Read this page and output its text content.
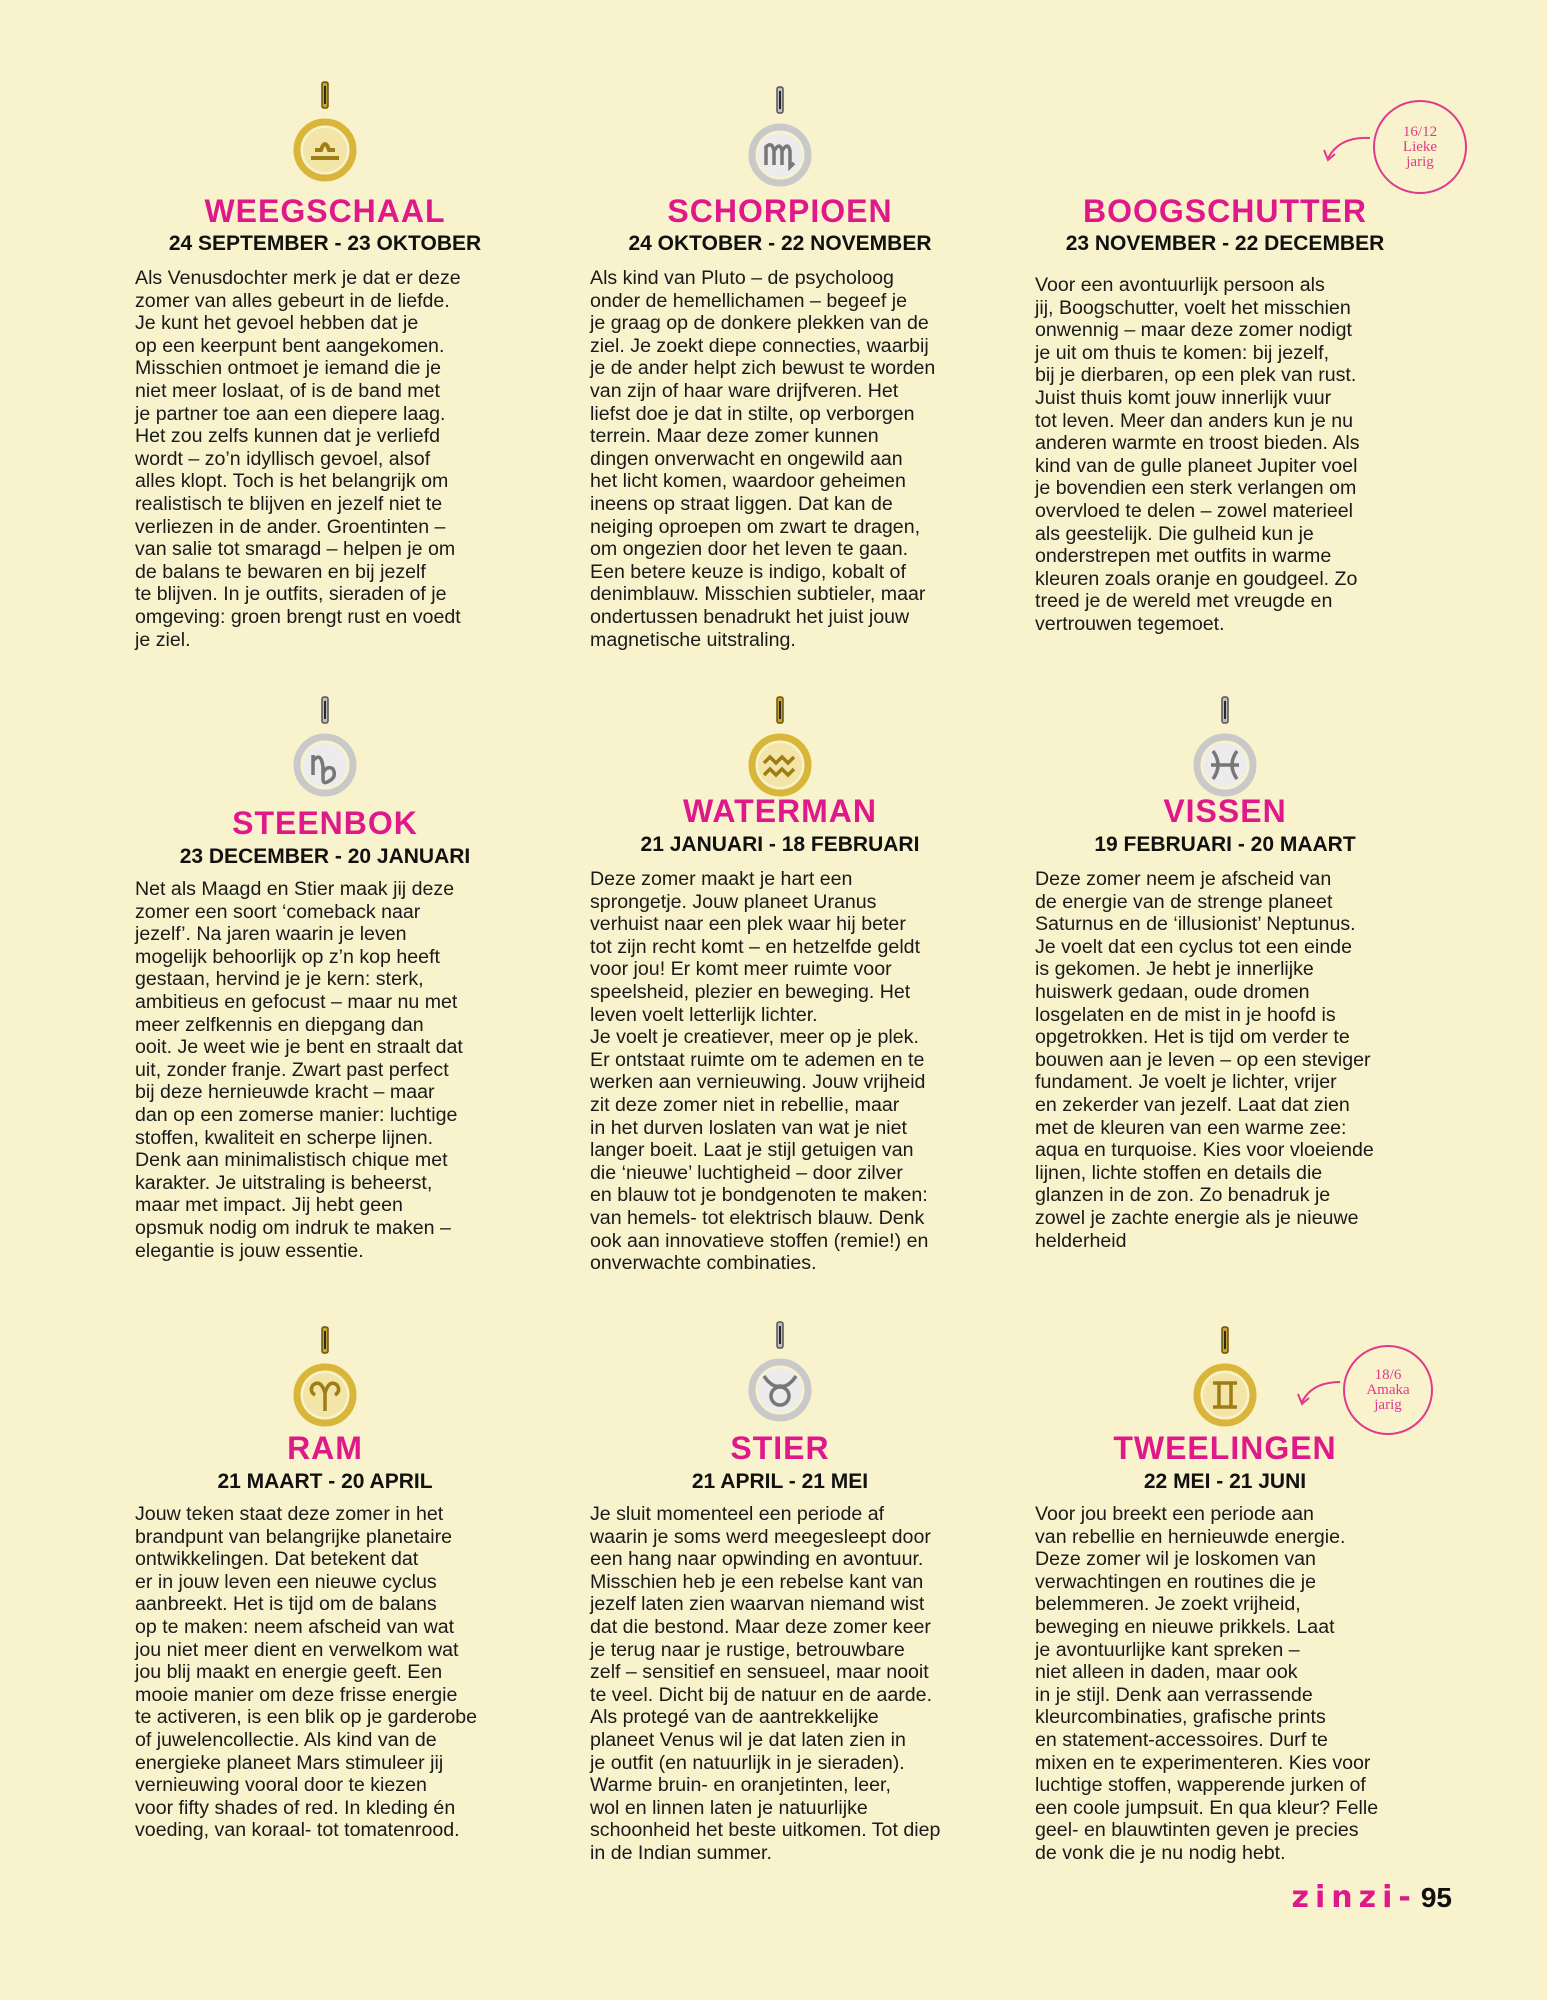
WEEGSCHAAL
24 SEPTEMBER - 23 OKTOBER
Als Venusdochter merk je dat er deze
zomer van alles gebeurt in de liefde.
Je kunt het gevoel hebben dat je
op een keerpunt bent aangekomen.
Misschien ontmoet je iemand die je
niet meer loslaat, of is de band met
je partner toe aan een diepere laag.
Het zou zelfs kunnen dat je verliefd
wordt – zo’n idyllisch gevoel, alsof
alles klopt. Toch is het belangrijk om
realistisch te blijven en jezelf niet te
verliezen in de ander. Groentinten –
van salie tot smaragd – helpen je om
de balans te bewaren en bij jezelf
te blijven. In je outfits, sieraden of je
omgeving: groen brengt rust en voedt
je ziel.
SCHORPIOEN
24 OKTOBER - 22 NOVEMBER
Als kind van Pluto – de psycholoog
onder de hemellichamen – begeef je
je graag op de donkere plekken van de
ziel. Je zoekt diepe connecties, waarbij
je de ander helpt zich bewust te worden
van zijn of haar ware drijfveren. Het
liefst doe je dat in stilte, op verborgen
terrein. Maar deze zomer kunnen
dingen onverwacht en ongewild aan
het licht komen, waardoor geheimen
ineens op straat liggen. Dat kan de
neiging oproepen om zwart te dragen,
om ongezien door het leven te gaan.
Een betere keuze is indigo, kobalt of
denimblauw. Misschien subtieler, maar
ondertussen benadrukt het juist jouw
magnetische uitstraling.
BOOGSCHUTTER
23 NOVEMBER - 22 DECEMBER
Voor een avontuurlijk persoon als
jij, Boogschutter, voelt het misschien
onwennig – maar deze zomer nodigt
je uit om thuis te komen: bij jezelf,
bij je dierbaren, op een plek van rust.
Juist thuis komt jouw innerlijk vuur
tot leven. Meer dan anders kun je nu
anderen warmte en troost bieden. Als
kind van de gulle planeet Jupiter voel
je bovendien een sterk verlangen om
overvloed te delen – zowel materieel
als geestelijk. Die gulheid kun je
onderstrepen met outfits in warme
kleuren zoals oranje en goudgeel. Zo
treed je de wereld met vreugde en
vertrouwen tegemoet.
16/12
Lieke
jarig
STEENBOK
23 DECEMBER - 20 JANUARI
Net als Maagd en Stier maak jij deze
zomer een soort ‘comeback naar
jezelf’. Na jaren waarin je leven
mogelijk behoorlijk op z’n kop heeft
gestaan, hervind je je kern: sterk,
ambitieus en gefocust – maar nu met
meer zelfkennis en diepgang dan
ooit. Je weet wie je bent en straalt dat
uit, zonder franje. Zwart past perfect
bij deze hernieuwde kracht – maar
dan op een zomerse manier: luchtige
stoffen, kwaliteit en scherpe lijnen.
Denk aan minimalistisch chique met
karakter. Je uitstraling is beheerst,
maar met impact. Jij hebt geen
opsmuk nodig om indruk te maken –
elegantie is jouw essentie.
WATERMAN
21 JANUARI - 18 FEBRUARI
Deze zomer maakt je hart een
sprongetje. Jouw planeet Uranus
verhuist naar een plek waar hij beter
tot zijn recht komt – en hetzelfde geldt
voor jou! Er komt meer ruimte voor
speelsheid, plezier en beweging. Het
leven voelt letterlijk lichter.
Je voelt je creatiever, meer op je plek.
Er ontstaat ruimte om te ademen en te
werken aan vernieuwing. Jouw vrijheid
zit deze zomer niet in rebellie, maar
in het durven loslaten van wat je niet
langer boeit. Laat je stijl getuigen van
die ‘nieuwe’ luchtigheid – door zilver
en blauw tot je bondgenoten te maken:
van hemels- tot elektrisch blauw. Denk
ook aan innovatieve stoffen (remie!) en
onverwachte combinaties.
VISSEN
19 FEBRUARI - 20 MAART
Deze zomer neem je afscheid van
de energie van de strenge planeet
Saturnus en de ‘illusionist’ Neptunus.
Je voelt dat een cyclus tot een einde
is gekomen. Je hebt je innerlijke
huiswerk gedaan, oude dromen
losgelaten en de mist in je hoofd is
opgetrokken. Het is tijd om verder te
bouwen aan je leven – op een steviger
fundament. Je voelt je lichter, vrijer
en zekerder van jezelf. Laat dat zien
met de kleuren van een warme zee:
aqua en turquoise. Kies voor vloeiende
lijnen, lichte stoffen en details die
glanzen in de zon. Zo benadruk je
zowel je zachte energie als je nieuwe
helderheid
RAM
21 MAART - 20 APRIL
Jouw teken staat deze zomer in het
brandpunt van belangrijke planetaire
ontwikkelingen. Dat betekent dat
er in jouw leven een nieuwe cyclus
aanbreekt. Het is tijd om de balans
op te maken: neem afscheid van wat
jou niet meer dient en verwelkom wat
jou blij maakt en energie geeft. Een
mooie manier om deze frisse energie
te activeren, is een blik op je garderobe
of juwelencollectie. Als kind van de
energieke planeet Mars stimuleer jij
vernieuwing vooral door te kiezen
voor fifty shades of red. In kleding én
voeding, van koraal- tot tomatenrood.
STIER
21 APRIL - 21 MEI
Je sluit momenteel een periode af
waarin je soms werd meegesleept door
een hang naar opwinding en avontuur.
Misschien heb je een rebelse kant van
jezelf laten zien waarvan niemand wist
dat die bestond. Maar deze zomer keer
je terug naar je rustige, betrouwbare
zelf – sensitief en sensueel, maar nooit
te veel. Dicht bij de natuur en de aarde.
Als protegé van de aantrekkelijke
planeet Venus wil je dat laten zien in
je outfit (en natuurlijk in je sieraden).
Warme bruin- en oranjetinten, leer,
wol en linnen laten je natuurlijke
schoonheid het beste uitkomen. Tot diep
in de Indian summer.
TWEELINGEN
22 MEI - 21 JUNI
Voor jou breekt een periode aan
van rebellie en hernieuwde energie.
Deze zomer wil je loskomen van
verwachtingen en routines die je
belemmeren. Je zoekt vrijheid,
beweging en nieuwe prikkels. Laat
je avontuurlijke kant spreken –
niet alleen in daden, maar ook
in je stijl. Denk aan verrassende
kleurcombinaties, grafische prints
en statement-accessoires. Durf te
mixen en te experimenteren. Kies voor
luchtige stoffen, wapperende jurken of
een coole jumpsuit. En qua kleur? Felle
geel- en blauwtinten geven je precies
de vonk die je nu nodig hebt.
18/6
Amaka
jarig
zinzi- 95
